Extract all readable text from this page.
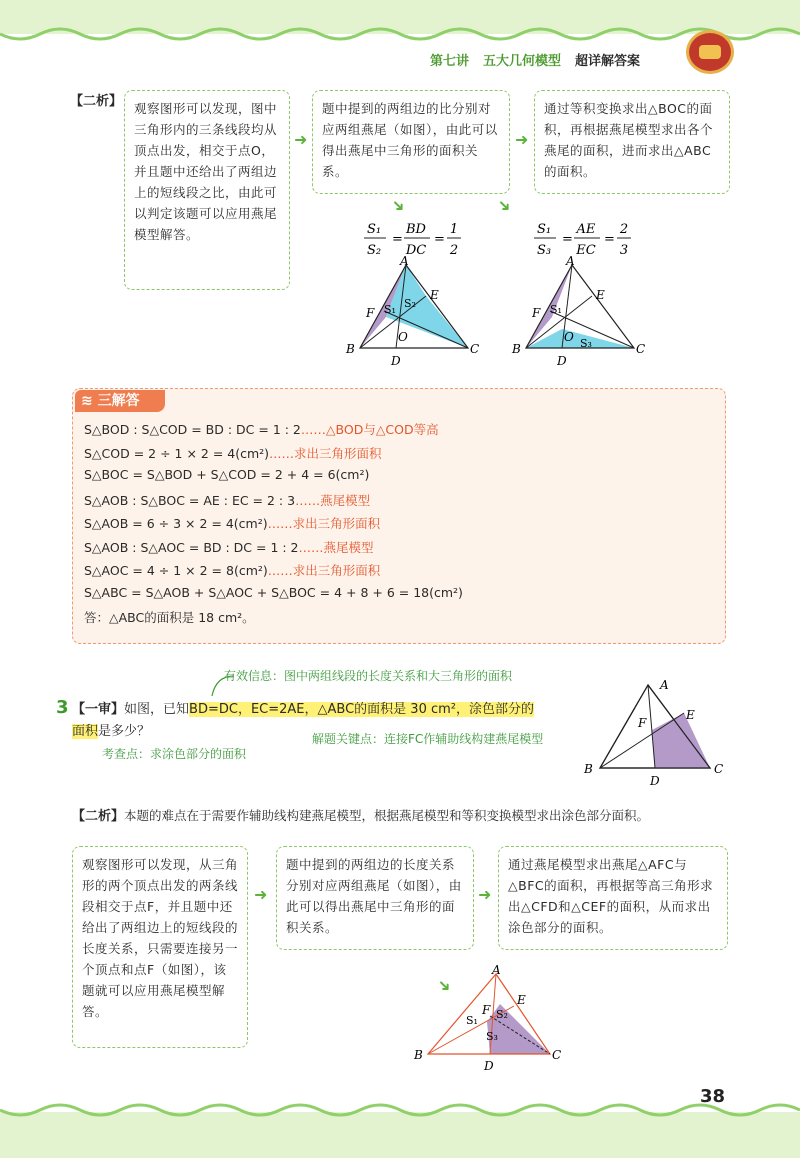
第七讲 五大几何模型 超详解答案
【二析】 观察图形可以发现，图中三角形内的三条线段均从顶点出发，相交于点O，并且题中还给出了两组边上的短线段之比，由此可以判定该题可以应用燕尾模型解答。
➜
题中提到的两组边的比分别对应两组燕尾（如图），由此可以得出燕尾中三角形的面积关系。
➜
通过等积变换求出△BOC的面积，再根据燕尾模型求出各个燕尾的面积，进而求出△ABC的面积。
➜	➜
S₁
S₂
=
BD
DC
=
1
2
S₁
S₃
=
AE
EC
=
2
3
A
B	C
D
E
F
O
S₁ S₂
A
B	C
D
E
F
O
S₁
S₃
≋ 三解答
S△BOD : S△COD = BD : DC = 1 : 2……△BOD与△COD等高
S△COD = 2 ÷ 1 × 2 = 4(cm²)……求出三角形面积
S△BOC = S△BOD + S△COD = 2 + 4 = 6(cm²)
S△AOB : S△BOC = AE : EC = 2 : 3……燕尾模型
S△AOB = 6 ÷ 3 × 2 = 4(cm²)……求出三角形面积
S△AOB : S△AOC = BD : DC = 1 : 2……燕尾模型
S△AOC = 4 ÷ 1 × 2 = 8(cm²)……求出三角形面积
S△ABC = S△AOB + S△AOC + S△BOC = 4 + 8 + 6 = 18(cm²)
答：△ABC的面积是 18 cm²。
有效信息：图中两组线段的长度关系和大三角形的面积
3 【一审】如图，已知BD=DC，EC=2AE，△ABC的面积是 30 cm²，涂色部分的
面积是多少？
考查点：求涂色部分的面积
解题关键点：连接FC作辅助线构建燕尾模型
A
B	C
D
E
F
【二析】本题的难点在于需要作辅助线构建燕尾模型，根据燕尾模型和等积变换模型求出涂色部分面积。
观察图形可以发现，从三角形的两个顶点出发的两条线段相交于点F，并且题中还给出了两组边上的短线段的长度关系，只需要连接另一个顶点和点F（如图），该题就可以应用燕尾模型解答。
➜
题中提到的两组边的长度关系分别对应两组燕尾（如图），由此可以得出燕尾中三角形的面积关系。
➜
通过燕尾模型求出燕尾△AFC与△BFC的面积，再根据等高三角形求出△CFD和△CEF的面积，从而求出涂色部分的面积。
➜
A
B	C
D
E
F
S₁ S₂
S₃
38
